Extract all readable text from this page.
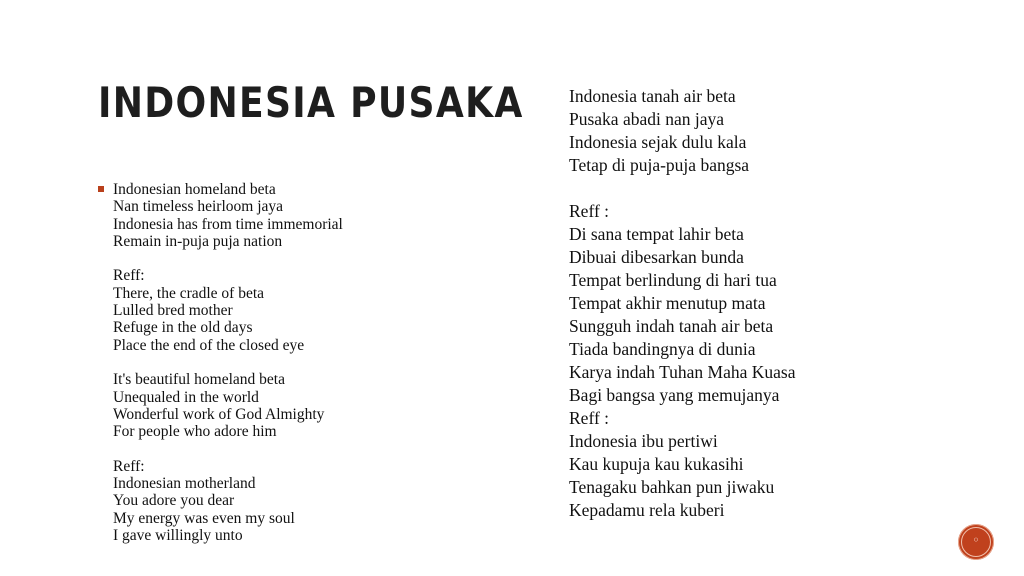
INDONESIA PUSAKA
Indonesian homeland beta
Nan timeless heirloom jaya
Indonesia has from time immemorial
Remain in-puja puja nation
Reff:
There, the cradle of beta
Lulled bred mother
Refuge in the old days
Place the end of the closed eye
It's beautiful homeland beta
Unequaled in the world
Wonderful work of God Almighty
For people who adore him
Reff:
Indonesian motherland
You adore you dear
My energy was even my soul
I gave willingly unto
Indonesia tanah air beta
Pusaka abadi nan jaya
Indonesia sejak dulu kala
Tetap di puja-puja bangsa
Reff :
Di sana tempat lahir beta
Dibuai dibesarkan bunda
Tempat berlindung di hari tua
Tempat akhir menutup mata
Sungguh indah tanah air beta
Tiada bandingnya di dunia
Karya indah Tuhan Maha Kuasa
Bagi bangsa yang memujanya
Reff :
Indonesia ibu pertiwi
Kau kupuja kau kukasihi
Tenagaku bahkan pun jiwaku
Kepadamu rela kuberi
◦
